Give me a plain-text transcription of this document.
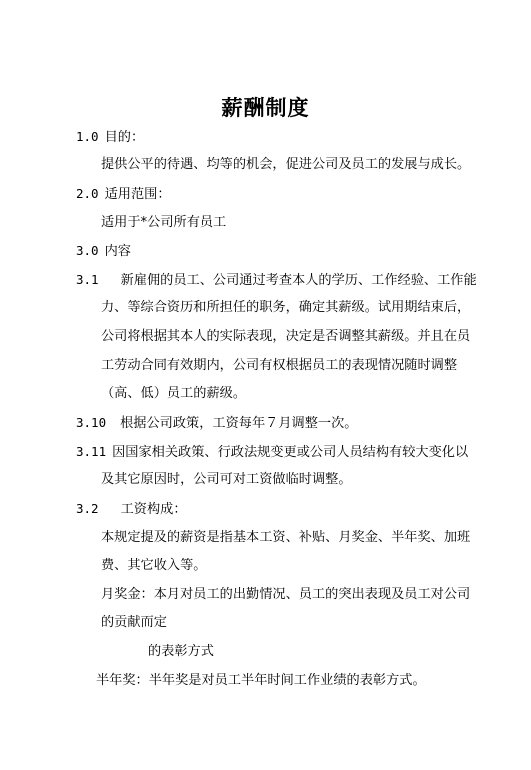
薪酬制度
1.0 目的：
提供公平的待遇、均等的机会，促进公司及员工的发展与成长。
2.0 适用范围：
适用于*公司所有员工
3.0 内容
3.1 新雇佣的员工、公司通过考查本人的学历、工作经验、工作能
力、等综合资历和所担任的职务，确定其薪级。试用期结束后，
公司将根据其本人的实际表现，决定是否调整其薪级。并且在员
工劳动合同有效期内，公司有权根据员工的表现情况随时调整
（高、低）员工的薪级。
3.10 根据公司政策，工资每年７月调整一次。
3.11 因国家相关政策、行政法规变更或公司人员结构有较大变化以
及其它原因时，公司可对工资做临时调整。
3.2 工资构成：
本规定提及的薪资是指基本工资、补贴、月奖金、半年奖、加班
费、其它收入等。
月奖金：本月对员工的出勤情况、员工的突出表现及员工对公司
的贡献而定
的表彰方式
半年奖：半年奖是对员工半年时间工作业绩的表彰方式。
